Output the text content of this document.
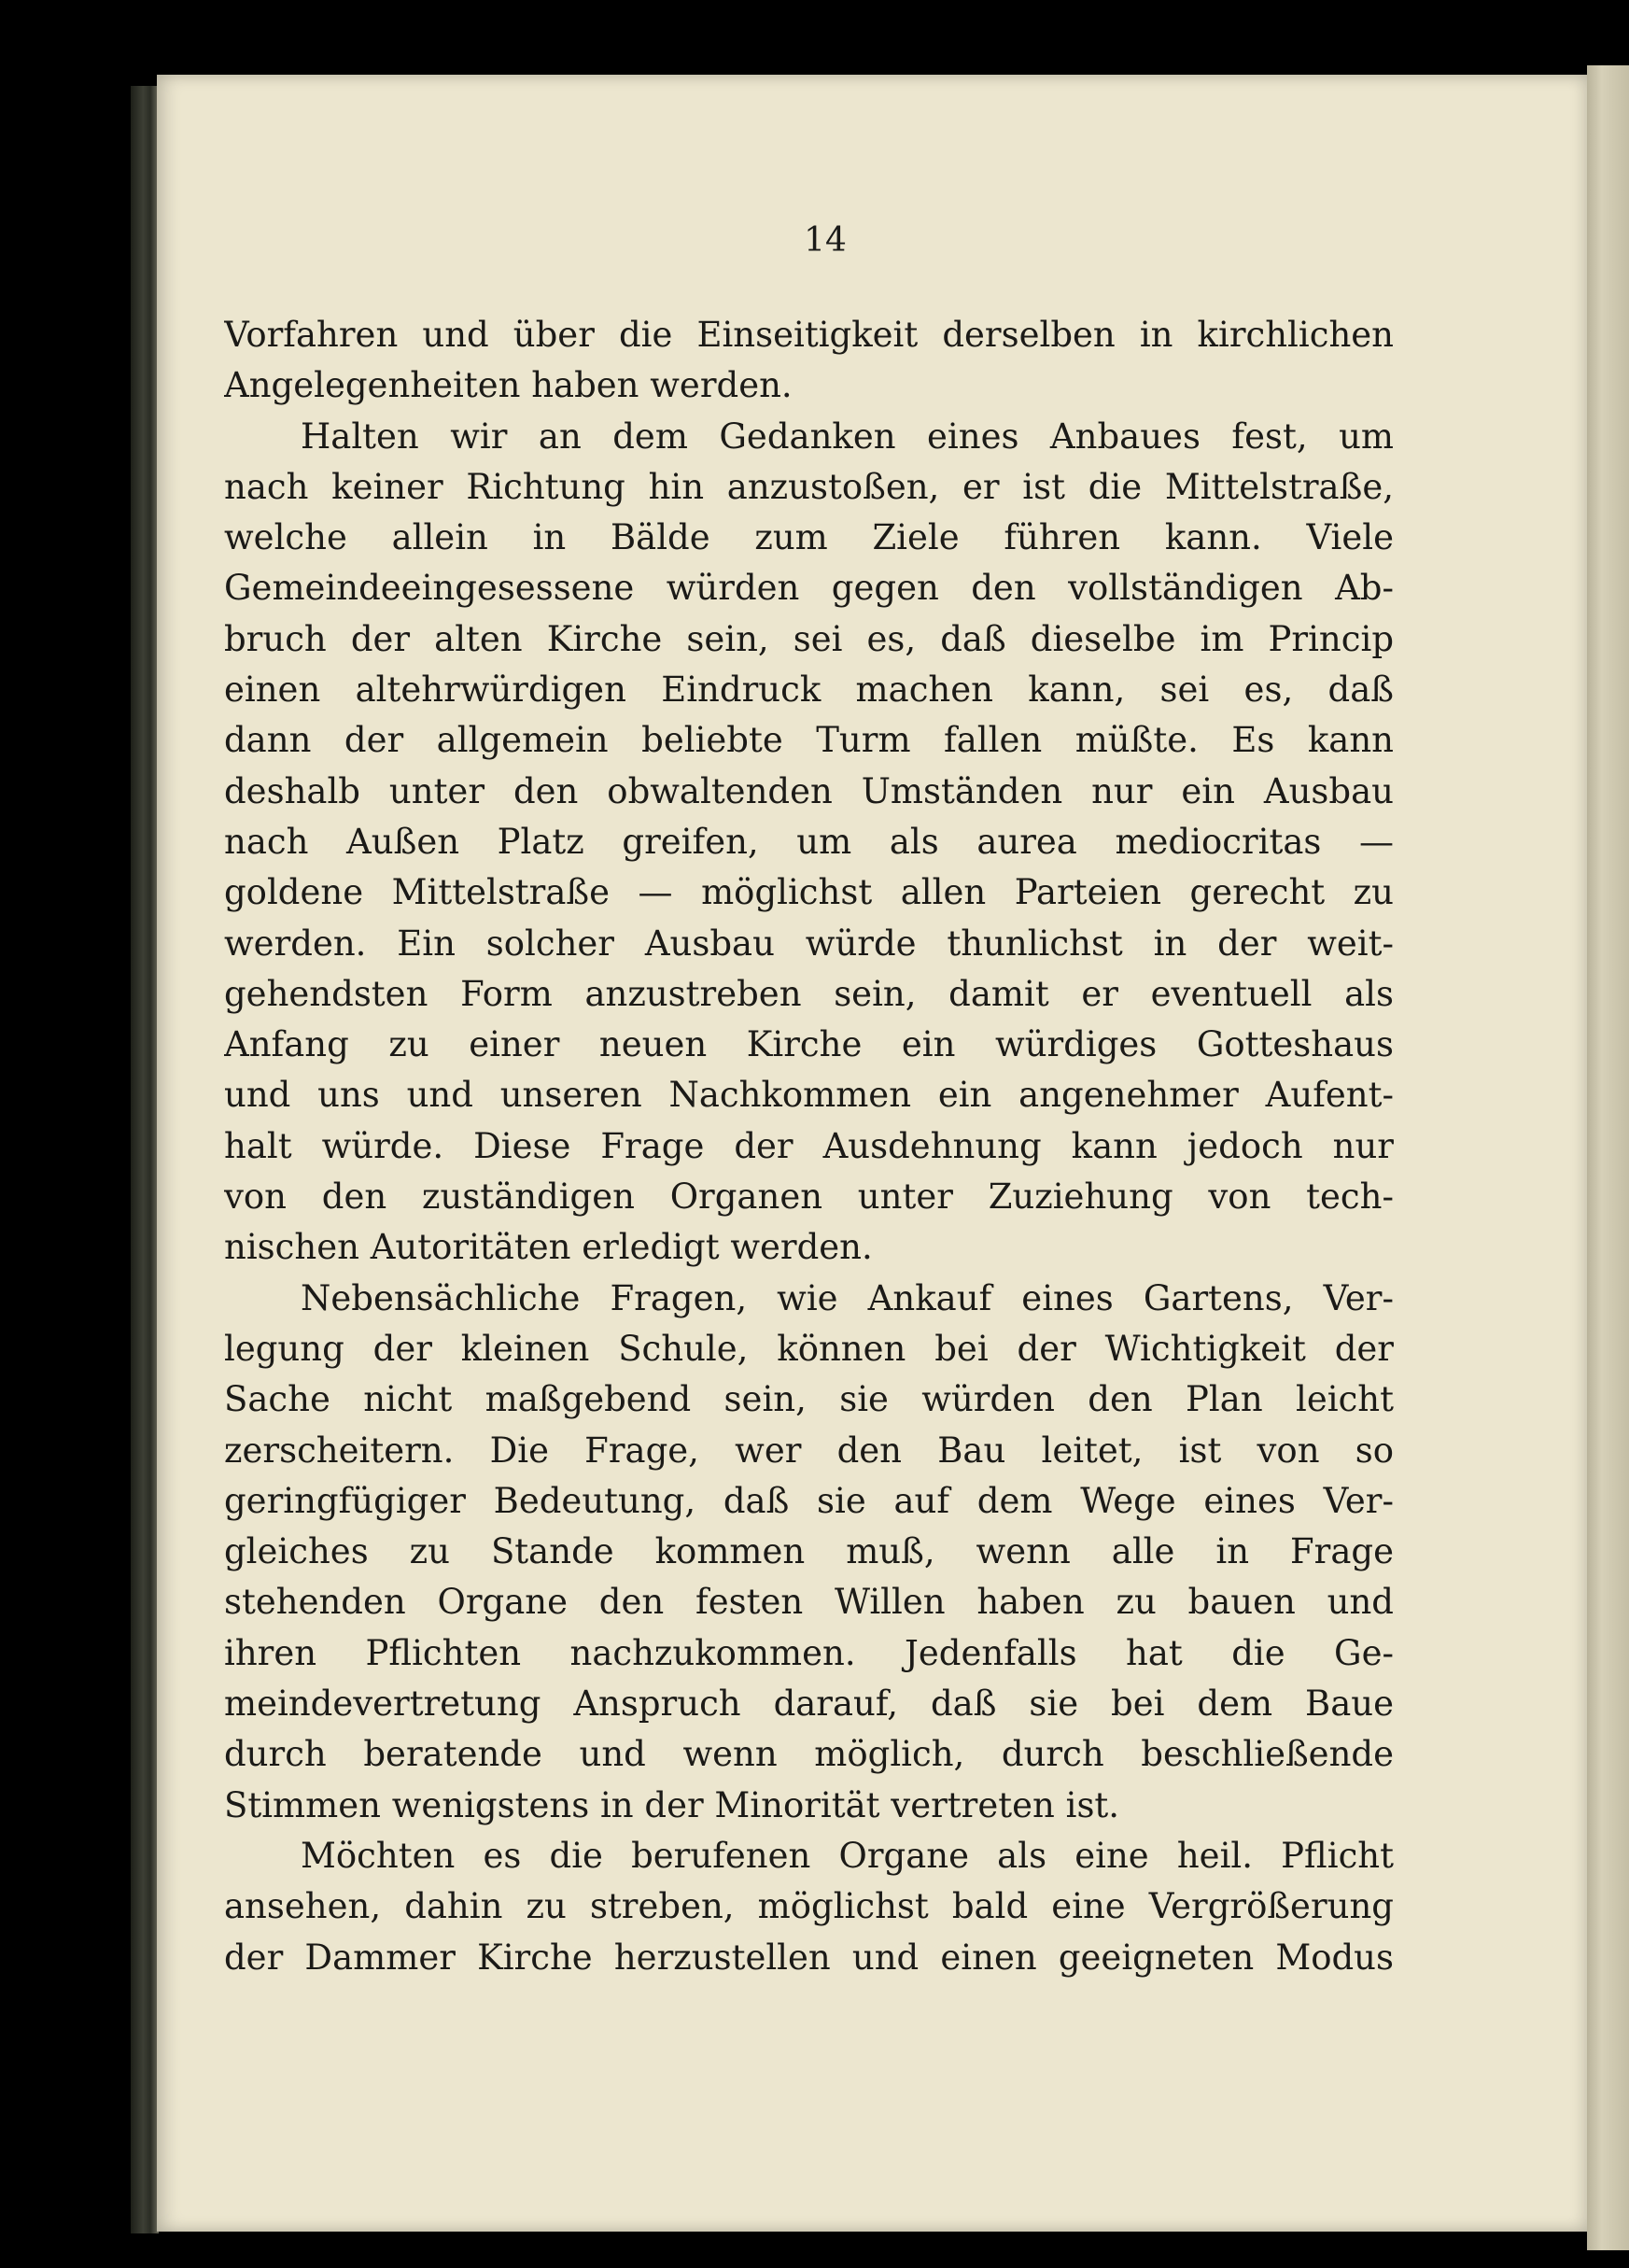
14
Vorfahren und über die Einseitigkeit derselben in kirchlichen
Angelegenheiten haben werden.
Halten wir an dem Gedanken eines Anbaues fest, um
nach keiner Richtung hin anzustoßen, er ist die Mittelstraße,
welche allein in Bälde zum Ziele führen kann. Viele
Gemeindeeingesessene würden gegen den vollständigen Ab-
bruch der alten Kirche sein, sei es, daß dieselbe im Princip
einen altehrwürdigen Eindruck machen kann, sei es, daß
dann der allgemein beliebte Turm fallen müßte. Es kann
deshalb unter den obwaltenden Umständen nur ein Ausbau
nach Außen Platz greifen, um als aurea mediocritas —
goldene Mittelstraße — möglichst allen Parteien gerecht zu
werden. Ein solcher Ausbau würde thunlichst in der weit-
gehendsten Form anzustreben sein, damit er eventuell als
Anfang zu einer neuen Kirche ein würdiges Gotteshaus
und uns und unseren Nachkommen ein angenehmer Aufent-
halt würde. Diese Frage der Ausdehnung kann jedoch nur
von den zuständigen Organen unter Zuziehung von tech-
nischen Autoritäten erledigt werden.
Nebensächliche Fragen, wie Ankauf eines Gartens, Ver-
legung der kleinen Schule, können bei der Wichtigkeit der
Sache nicht maßgebend sein, sie würden den Plan leicht
zerscheitern. Die Frage, wer den Bau leitet, ist von so
geringfügiger Bedeutung, daß sie auf dem Wege eines Ver-
gleiches zu Stande kommen muß, wenn alle in Frage
stehenden Organe den festen Willen haben zu bauen und
ihren Pflichten nachzukommen. Jedenfalls hat die Ge-
meindevertretung Anspruch darauf, daß sie bei dem Baue
durch beratende und wenn möglich, durch beschließende
Stimmen wenigstens in der Minorität vertreten ist.
Möchten es die berufenen Organe als eine heil. Pflicht
ansehen, dahin zu streben, möglichst bald eine Vergrößerung
der Dammer Kirche herzustellen und einen geeigneten Modus
